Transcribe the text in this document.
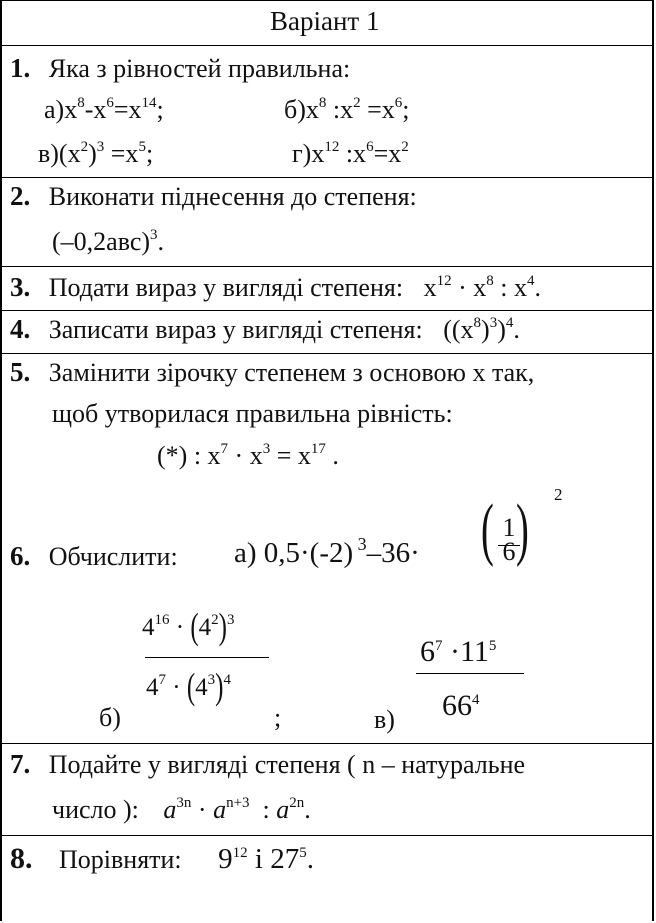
Варіант 1
1. Яка з рівностей правильна:
$а)x^8-x^6=x^{14}$;	$б)x^8$ $:x^2 =x^6$;
$в)(x^2)^3 =x^5$;	$г)x^{12}$ $:x^6=x^2$
2. Виконати піднесення до степеня:
$(-0,2авс)^3$.
3. Подати вираз у вигляді степеня: $x^{12} \cdot x^8$ : $x^4$.
4. Записати вираз у вигляді степеня: $((x^8)^3)^4$.
5. Замінити зірочку степенем з основою x так,
щоб утворилася правильна рівність:
(*) : $x^7 \cdot x^3 = x^{17}$ .
6. Обчислити: а) 0,5·(-2) $^3$–36· ( 1
6 ) 2
$4^{16} \cdot (4^2)^3$
$4^7 \cdot (4^3)^4$
б)	;
$6^7 \cdot 11^5$
$66^4$
в)
7. Подайте у вигляді степеня ( n – натуральне
число ): $a^{3n} \cdot a^{n+3}$  : $a^{2n}$.
8. Порівняти: $9^{12}$ і $27^5$.
